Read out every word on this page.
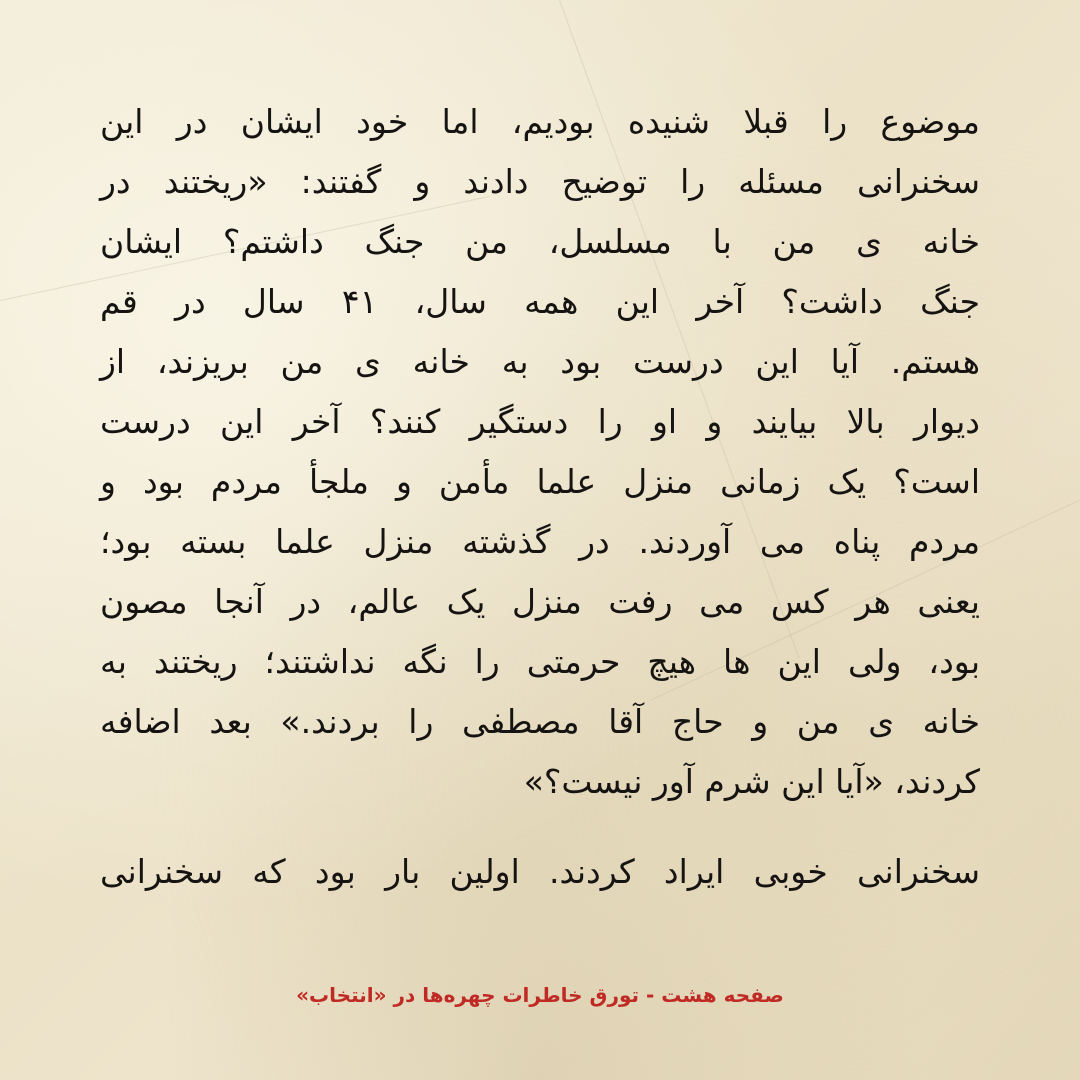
موضوع را قبلا شنیده بودیم، اما خود ایشان در این
سخنرانی مسئله را توضیح دادند و گفتند: «ریختند در
خانه ی من با مسلسل، من جنگ داشتم؟ ایشان
جنگ داشت؟ آخر این همه سال، ۴۱ سال در قم
هستم. آیا این درست بود به خانه ی من بریزند، از
دیوار بالا بیایند و او را دستگیر کنند؟ آخر این درست
است؟ یک زمانی منزل علما مأمن و ملجأ مردم بود و
مردم پناه می آوردند. در گذشته منزل علما بسته بود؛
یعنی هر کس می رفت منزل یک عالم، در آنجا مصون
بود، ولی این ها هیچ حرمتی را نگه نداشتند؛ ریختند به
خانه ی من و حاج آقا مصطفی را بردند.» بعد اضافه
کردند، «آیا این شرم آور نیست؟»
سخنرانی خوبی ایراد کردند. اولین بار بود که سخنرانی
صفحه هشت - تورق خاطرات چهره‌ها در «انتخاب»
